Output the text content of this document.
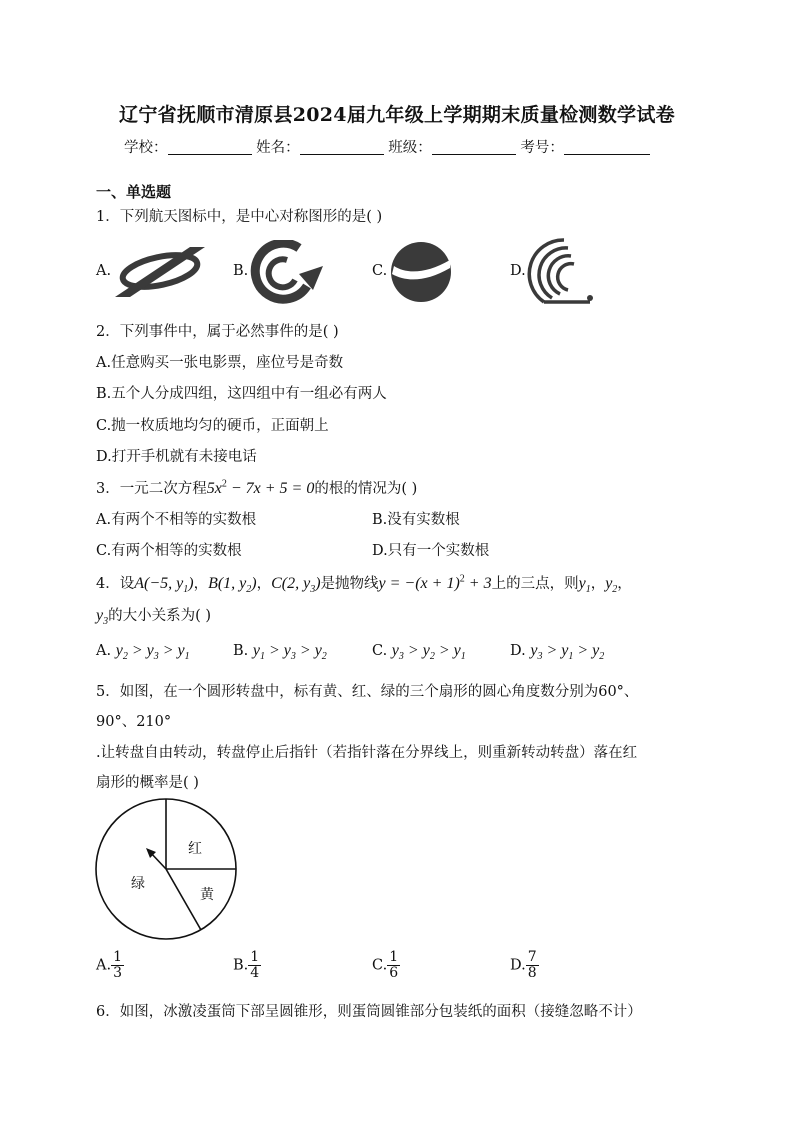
辽宁省抚顺市清原县2024届九年级上学期期末质量检测数学试卷
学校：	姓名：	班级：	考号：
一、单选题
1．下列航天图标中，是中心对称图形的是( )
A.	B.	C.	D.
2．下列事件中，属于必然事件的是( )
A.任意购买一张电影票，座位号是奇数
B.五个人分成四组，这四组中有一组必有两人
C.抛一枚质地均匀的硬币，正面朝上
D.打开手机就有未接电话
3．一元二次方程$5x^2 - 7x + 5 = 0$的根的情况为( )
A.有两个不相等的实数根	B.没有实数根
C.有两个相等的实数根	D.只有一个实数根
4．设A(−5, $y_1$)，B(1, $y_2$)，C(2, $y_3$)是抛物线$y = -(x + 1)^2 + 3$上的三点，则$y_1$，$y_2$，
$y_3$的大小关系为( )
A. $y_2 > y_3 > y_1$	B. $y_1 > y_3 > y_2$	C. $y_3 > y_2 > y_1$	D. $y_3 > y_1 > y_2$
5．如图，在一个圆形转盘中，标有黄、红、绿的三个扇形的圆心角度数分别为60°、
90°、210°
.让转盘自由转动，转盘停止后指针（若指针落在分界线上，则重新转动转盘）落在红
扇形的概率是( )
红
黄
绿
A. $\frac{1}{3}$	B. $\frac{1}{4}$	C. $\frac{1}{6}$	D. $\frac{7}{8}$
6．如图，冰激凌蛋筒下部呈圆锥形，则蛋筒圆锥部分包装纸的面积（接缝忽略不计）
